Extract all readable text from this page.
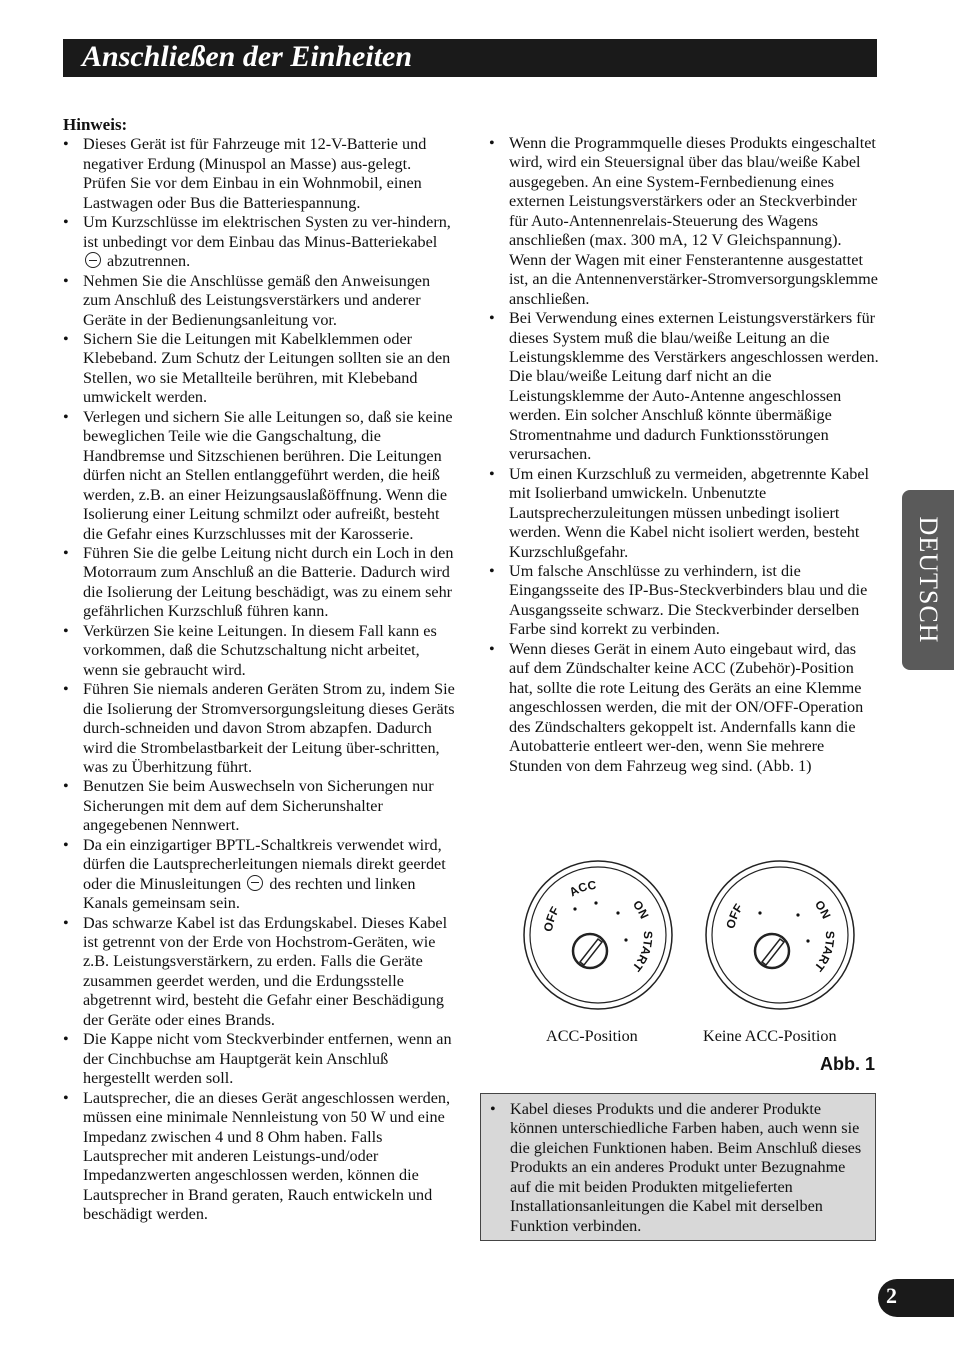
Anschließen der Einheiten
Hinweis:
• Dieses Gerät ist für Fahrzeuge mit 12-V-Batterie und negativer Erdung (Minuspol an Masse) aus-gelegt. Prüfen Sie vor dem Einbau in ein Wohnmobil, einen Lastwagen oder Bus die Batteriespannung.
• Um Kurzschlüsse im elektrischen Systen zu ver-hindern, ist unbedingt vor dem Einbau das Minus-Batteriekabel  abzutrennen.
• Nehmen Sie die Anschlüsse gemäß den Anweisungen zum Anschluß des Leistungsverstärkers und anderer Geräte in der Bedienungsanleitung vor.
• Sichern Sie die Leitungen mit Kabelklemmen oder Klebeband. Zum Schutz der Leitungen sollten sie an den Stellen, wo sie Metallteile berühren, mit Klebeband umwickelt werden.
• Verlegen und sichern Sie alle Leitungen so, daß sie keine beweglichen Teile wie die Gangschaltung, die Handbremse und Sitzschienen berühren. Die Leitungen dürfen nicht an Stellen entlanggeführt werden, die heiß werden, z.B. an einer Heizungsauslaßöffnung. Wenn die Isolierung einer Leitung schmilzt oder aufreißt, besteht die Gefahr eines Kurzschlusses mit der Karosserie.
• Führen Sie die gelbe Leitung nicht durch ein Loch in den Motorraum zum Anschluß an die Batterie. Dadurch wird die Isolierung der Leitung beschädigt, was zu einem sehr gefährlichen Kurzschluß führen kann.
• Verkürzen Sie keine Leitungen. In diesem Fall kann es vorkommen, daß die Schutzschaltung nicht arbeitet, wenn sie gebraucht wird.
• Führen Sie niemals anderen Geräten Strom zu, indem Sie die Isolierung der Stromversorgungsleitung dieses Geräts durch-schneiden und davon Strom abzapfen. Dadurch wird die Strombelastbarkeit der Leitung über-schritten, was zu Überhitzung führt.
• Benutzen Sie beim Auswechseln von Sicherungen nur Sicherungen mit dem auf dem Sicherunshalter angegebenen Nennwert.
• Da ein einzigartiger BPTL-Schaltkreis verwendet wird, dürfen die Lautsprecherleitungen niemals direkt geerdet oder die Minusleitungen des rechten und linken Kanals gemeinsam sein.
• Das schwarze Kabel ist das Erdungskabel. Dieses Kabel ist getrennt von der Erde von Hochstrom-Geräten, wie z.B. Leistungsverstärkern, zu erden. Falls die Geräte zusammen geerdet werden, und die Erdungsstelle abgetrennt wird, besteht die Gefahr einer Beschädigung der Geräte oder eines Brands.
• Die Kappe nicht vom Steckverbinder entfernen, wenn an der Cinchbuchse am Hauptgerät kein Anschluß hergestellt werden soll.
• Lautsprecher, die an dieses Gerät angeschlossen werden, müssen eine minimale Nennleistung von 50 W und eine Impedanz zwischen 4 und 8 Ohm haben. Falls Lautsprecher mit anderen Leistungs-und/oder Impedanzwerten angeschlossen werden, können die Lautsprecher in Brand geraten, Rauch entwickeln und beschädigt werden.
• Wenn die Programmquelle dieses Produkts eingeschaltet wird, wird ein Steuersignal über das blau/weiße Kabel ausgegeben. An eine System-Fernbedienung eines externen Leistungsverstärkers oder an Steckverbinder für Auto-Antennenrelais-Steuerung des Wagens anschließen (max. 300 mA, 12 V Gleichspannung). Wenn der Wagen mit einer Fensterantenne ausgestattet ist, an die Antennenverstärker-Stromversorgungsklemme anschließen.
• Bei Verwendung eines externen Leistungsverstärkers für dieses System muß die blau/weiße Leitung an die Leistungsklemme des Verstärkers angeschlossen werden. Die blau/weiße Leitung darf nicht an die Leistungsklemme der Auto-Antenne angeschlossen werden. Ein solcher Anschluß könnte übermäßige Stromentnahme und dadurch Funktionsstörungen verursachen.
• Um einen Kurzschluß zu vermeiden, abgetrennte Kabel mit Isolierband umwickeln. Unbenutzte Lautsprecherzuleitungen müssen unbedingt isoliert werden. Wenn die Kabel nicht isoliert werden, besteht Kurzschlußgefahr.
• Um falsche Anschlüsse zu verhindern, ist die Eingangsseite des IP-Bus-Steckverbinders blau und die Ausgangsseite schwarz. Die Steckverbinder derselben Farbe sind korrekt zu verbinden.
• Wenn dieses Gerät in einem Auto eingebaut wird, das auf dem Zündschalter keine ACC (Zubehör)-Position hat, sollte die rote Leitung des Geräts an eine Klemme angeschlossen werden, die mit der ON/OFF-Operation des Zündschalters gekoppelt ist. Andernfalls kann die Autobatterie entleert wer-den, wenn Sie mehrere Stunden von dem Fahrzeug weg sind. (Abb. 1)
OFF
ACC
ON
START
OFF	ON
START
ACC-Position	Keine ACC-Position
Abb. 1
• Kabel dieses Produkts und die anderer Produkte können unterschiedliche Farben haben, auch wenn sie die gleichen Funktionen haben. Beim Anschluß dieses Produkts an ein anderes Produkt unter Bezugnahme auf die mit beiden Produkten mitgelieferten Installationsanleitungen die Kabel mit derselben Funktion verbinden.
DEUTSCH
2
